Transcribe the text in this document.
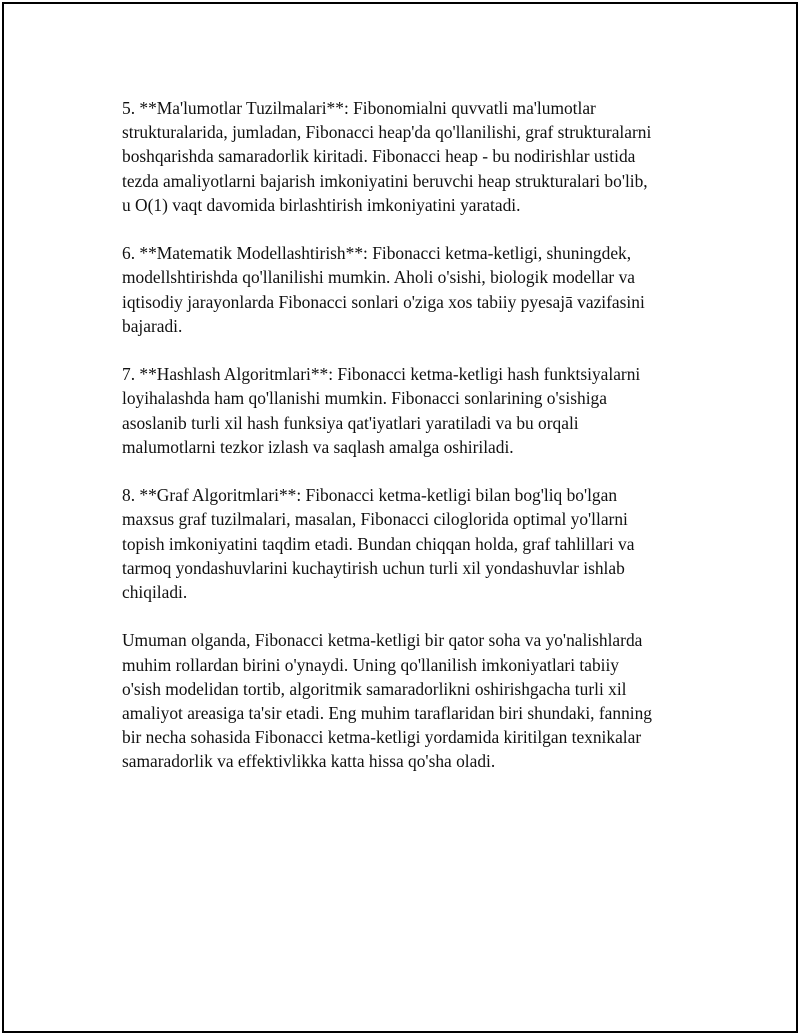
5. **Ma'lumotlar Tuzilmalari**: Fibonomialni quvvatli ma'lumotlar
strukturalarida, jumladan, Fibonacci heap'da qo'llanilishi, graf strukturalarni
boshqarishda samaradorlik kiritadi. Fibonacci heap - bu nodirishlar ustida
tezda amaliyotlarni bajarish imkoniyatini beruvchi heap strukturalari bo'lib,
u O(1) vaqt davomida birlashtirish imkoniyatini yaratadi.

6. **Matematik Modellashtirish**: Fibonacci ketma-ketligi, shuningdek,
modellshtirishda qo'llanilishi mumkin. Aholi o'sishi, biologik modellar va
iqtisodiy jarayonlarda Fibonacci sonlari o'ziga xos tabiiy pyesajā vazifasini
bajaradi.

7. **Hashlash Algoritmlari**: Fibonacci ketma-ketligi hash funktsiyalarni
loyihalashda ham qo'llanishi mumkin. Fibonacci sonlarining o'sishiga
asoslanib turli xil hash funksiya qat'iyatlari yaratiladi va bu orqali
malumotlarni tezkor izlash va saqlash amalga oshiriladi.

8. **Graf Algoritmlari**: Fibonacci ketma-ketligi bilan bog'liq bo'lgan
maxsus graf tuzilmalari, masalan, Fibonacci ciloglorida optimal yo'llarni
topish imkoniyatini taqdim etadi. Bundan chiqqan holda, graf tahlillari va
tarmoq yondashuvlarini kuchaytirish uchun turli xil yondashuvlar ishlab
chiqiladi.

Umuman olganda, Fibonacci ketma-ketligi bir qator soha va yo'nalishlarda
muhim rollardan birini o'ynaydi. Uning qo'llanilish imkoniyatlari tabiiy
o'sish modelidan tortib, algoritmik samaradorlikni oshirishgacha turli xil
amaliyot areasiga ta'sir etadi. Eng muhim taraflaridan biri shundaki, fanning
bir necha sohasida Fibonacci ketma-ketligi yordamida kiritilgan texnikalar
samaradorlik va effektivlikka katta hissa qo'sha oladi.
